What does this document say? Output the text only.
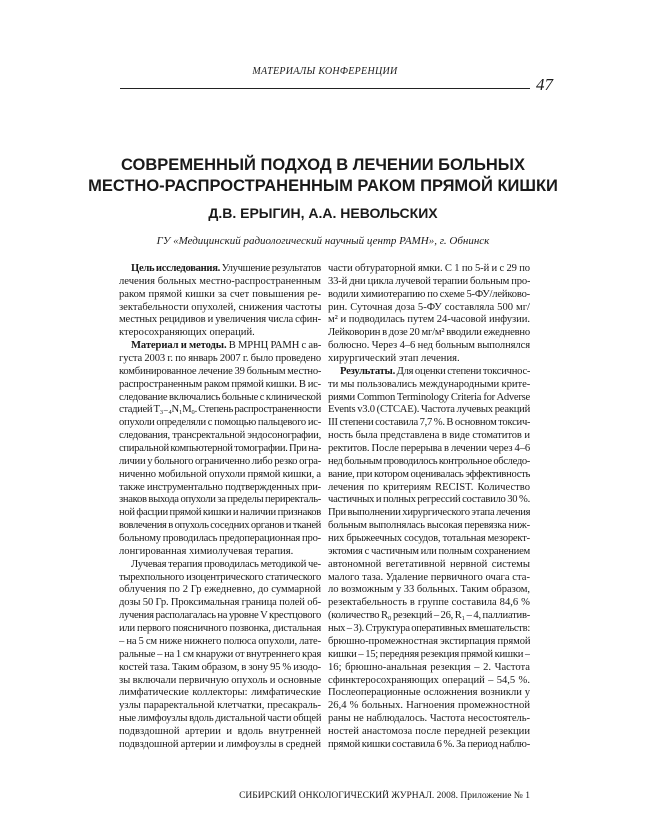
МАТЕРИАЛЫ КОНФЕРЕНЦИИ
47
СОВРЕМЕННЫЙ ПОДХОД В ЛЕЧЕНИИ БОЛЬНЫХ
МЕСТНО-РАСПРОСТРАНЕННЫМ РАКОМ ПРЯМОЙ КИШКИ
Д.В. ЕРЫГИН, А.А. НЕВОЛЬСКИХ
ГУ «Медицинский радиологический научный центр РАМН», г. Обнинск
Цель исследования. Улучшение результатов
лечения больных местно-распространенным
раком прямой кишки за счет повышения ре-
зектабельности опухолей, снижения частоты
местных рецидивов и увеличения числа сфин-
ктеросохраняющих операций.
Материал и методы. В МРНЦ РАМН с ав-
густа 2003 г. по январь 2007 г. было проведено
комбинированное лечение 39 больным местно-
распространенным раком прямой кишки. В ис-
следование включались больные с клинической
стадией T₃₋₄N₁M₀. Степень распространенности
опухоли определяли с помощью пальцевого ис-
следования, трансректальной эндосонографии,
спиральной компьютерной томографии. При на-
личии у больного ограниченно либо резко огра-
ниченно мобильной опухоли прямой кишки, а
также инструментально подтвержденных при-
знаков выхода опухоли за пределы периректаль-
ной фасции прямой кишки и наличии признаков
вовлечения в опухоль соседних органов и тканей
больному проводилась предоперационная про-
лонгированная химиолучевая терапия.
Лучевая терапия проводилась методикой че-
тырехпольного изоцентрического статического
облучения по 2 Гр ежедневно, до суммарной
дозы 50 Гр. Проксимальная граница полей об-
лучения располагалась на уровне V крестцового
или первого поясничного позвонка, дистальная
– на 5 см ниже нижнего полюса опухоли, лате-
ральные – на 1 см кнаружи от внутреннего края
костей таза. Таким образом, в зону 95 % изодо-
зы включали первичную опухоль и основные
лимфатические коллекторы: лимфатические
узлы параректальной клетчатки, пресакраль-
ные лимфоузлы вдоль дистальной части общей
подвздошной артерии и вдоль внутренней
подвздошной артерии и лимфоузлы в средней
части обтураторной ямки. С 1 по 5-й и с 29 по
33-й дни цикла лучевой терапии больным про-
водили химиотерапию по схеме 5-ФУ/лейково-
рин. Суточная доза 5-ФУ составляла 500 мг/
м² и подводилась путем 24-часовой инфузии.
Лейковорин в дозе 20 мг/м² вводили ежедневно
болюсно. Через 4–6 нед больным выполнялся
хирургический этап лечения.
Результаты. Для оценки степени токсичнос-
ти мы пользовались международными крите-
риями Common Terminology Criteria for Adverse
Events v3.0 (CTCAE). Частота лучевых реакций
III степени составила 7,7 %. В основном токсич-
ность была представлена в виде стоматитов и
ректитов. После перерыва в лечении через 4–6
нед больным проводилось контрольное обследо-
вание, при котором оценивалась эффективность
лечения по критериям RECIST. Количество
частичных и полных регрессий составило 30 %.
При выполнении хирургического этапа лечения
больным выполнялась высокая перевязка ниж-
них брыжеечных сосудов, тотальная мезорект-
эктомия с частичным или полным сохранением
автономной вегетативной нервной системы
малого таза. Удаление первичного очага ста-
ло возможным у 33 больных. Таким образом,
резектабельность в группе составила 84,6 %
(количество R₀ резекций – 26, R₁ – 4, паллиатив-
ных – 3). Структура оперативных вмешательств:
брюшно-промежностная экстирпация прямой
кишки – 15; передняя резекция прямой кишки –
16; брюшно-анальная резекция – 2. Частота
сфинктеросохраняющих операций – 54,5 %.
Послеоперационные осложнения возникли у
26,4 % больных. Нагноения промежностной
раны не наблюдалось. Частота несостоятель-
ностей анастомоза после передней резекции
прямой кишки составила 6 %. За период наблю-
СИБИРСКИЙ ОНКОЛОГИЧЕСКИЙ ЖУРНАЛ. 2008. Приложение № 1
